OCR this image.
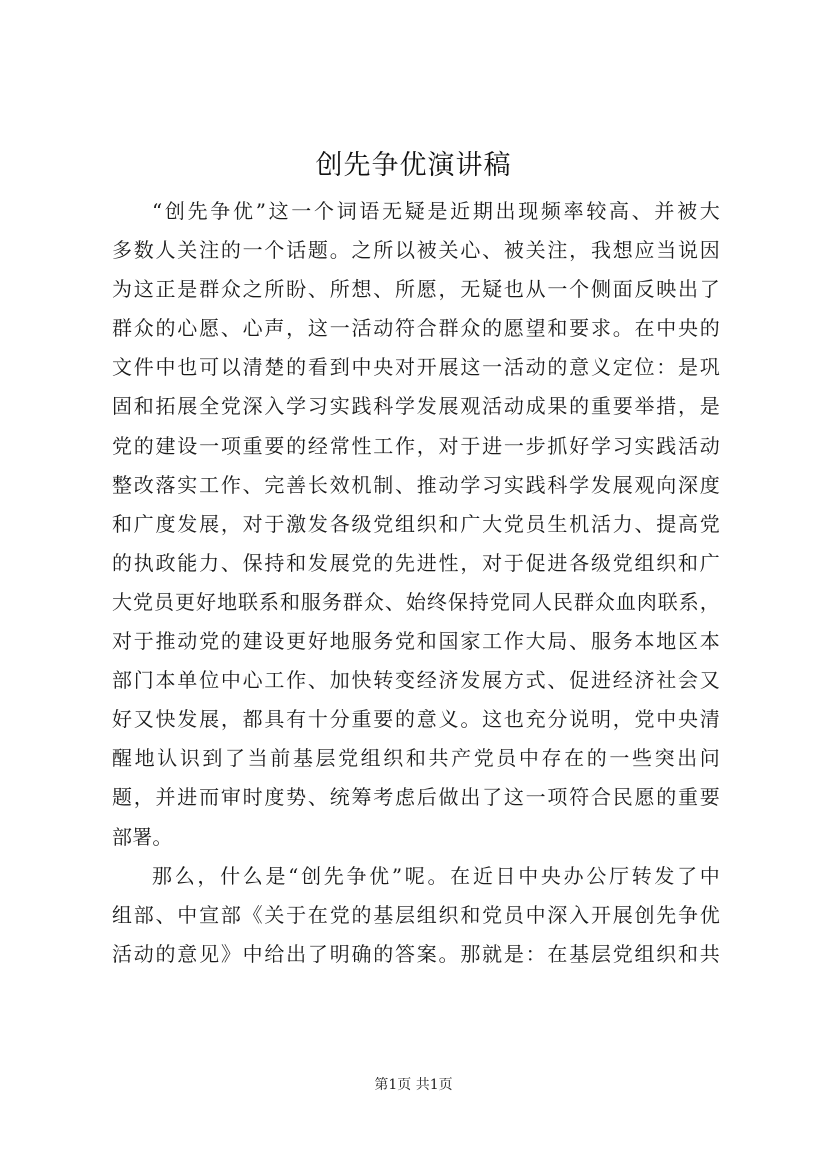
创先争优演讲稿
“创先争优”这一个词语无疑是近期出现频率较高、并被大
多数人关注的一个话题。之所以被关心、被关注，我想应当说因
为这正是群众之所盼、所想、所愿，无疑也从一个侧面反映出了
群众的心愿、心声，这一活动符合群众的愿望和要求。在中央的
文件中也可以清楚的看到中央对开展这一活动的意义定位：是巩
固和拓展全党深入学习实践科学发展观活动成果的重要举措，是
党的建设一项重要的经常性工作，对于进一步抓好学习实践活动
整改落实工作、完善长效机制、推动学习实践科学发展观向深度
和广度发展，对于激发各级党组织和广大党员生机活力、提高党
的执政能力、保持和发展党的先进性，对于促进各级党组织和广
大党员更好地联系和服务群众、始终保持党同人民群众血肉联系，
对于推动党的建设更好地服务党和国家工作大局、服务本地区本
部门本单位中心工作、加快转变经济发展方式、促进经济社会又
好又快发展，都具有十分重要的意义。这也充分说明，党中央清
醒地认识到了当前基层党组织和共产党员中存在的一些突出问
题，并进而审时度势、统筹考虑后做出了这一项符合民愿的重要
部署。
那么，什么是“创先争优”呢。在近日中央办公厅转发了中
组部、中宣部《关于在党的基层组织和党员中深入开展创先争优
活动的意见》中给出了明确的答案。那就是：在基层党组织和共
第1页 共1页
